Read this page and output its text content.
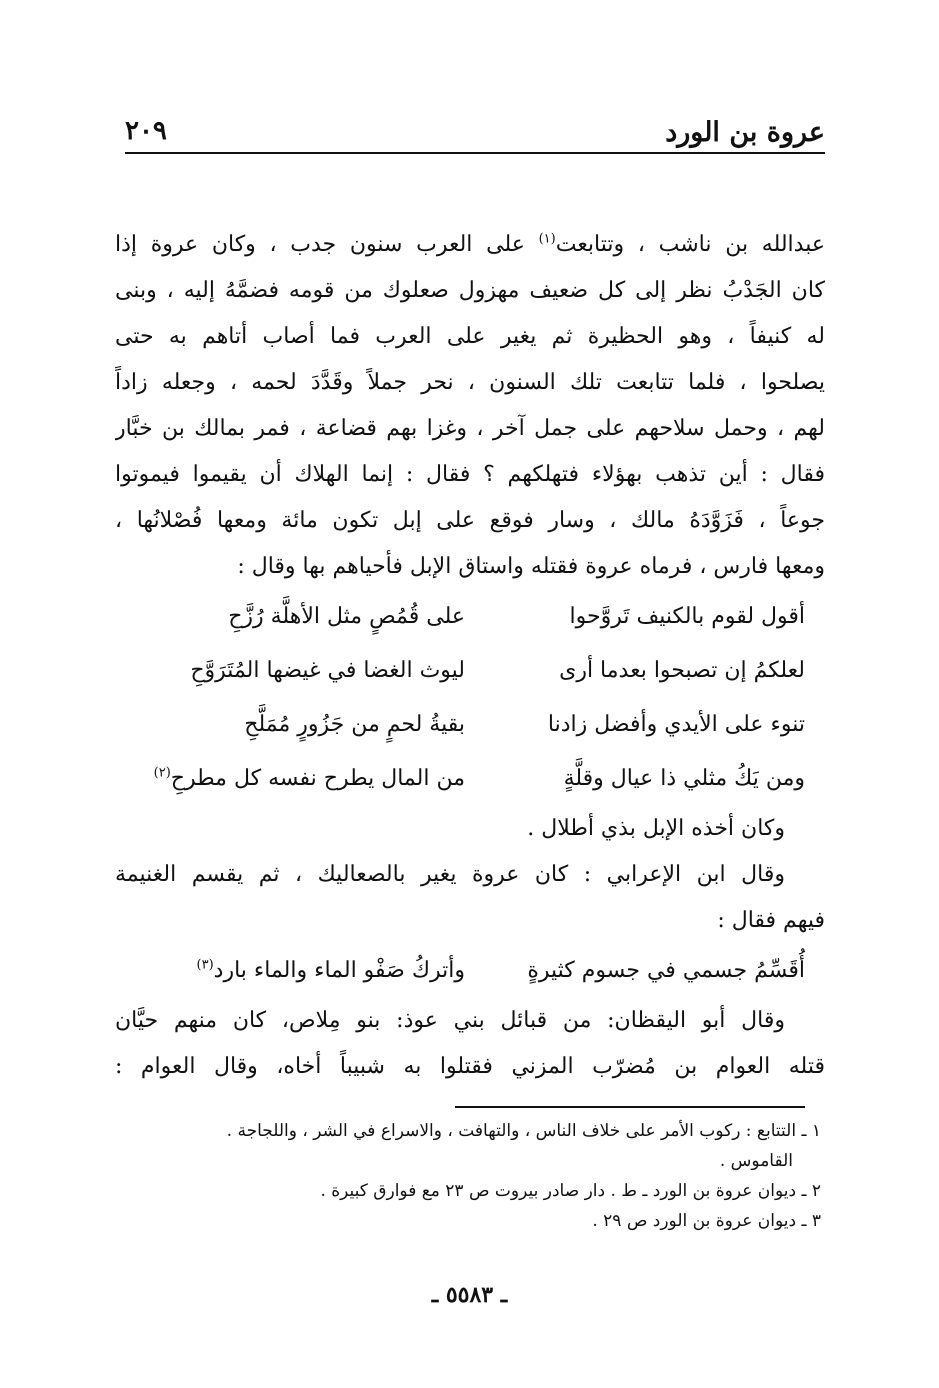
عروة بن الورد
٢٠٩
عبدالله بن ناشب ، وتتابعت$^{(١)}$ على العرب سنون جدب ، وكان عروة إذا
كان الجَدْبُ نظر إلى كل ضعيف مهزول صعلوك من قومه فضمَّهُ إليه ، وبنى
له كنيفاً ، وهو الحظيرة ثم يغير على العرب فما أصاب أتاهم به حتى
يصلحوا ، فلما تتابعت تلك السنون ، نحر جملاً وقَدَّدَ لحمه ، وجعله زاداً
لهم ، وحمل سلاحهم على جمل آخر ، وغزا بهم قضاعة ، فمر بمالك بن خبَّار
فقال : أين تذهب بهؤلاء فتهلكهم ؟ فقال : إنما الهلاك أن يقيموا فيموتوا
جوعاً ، فَزَوَّدَهُ مالك ، وسار فوقع على إبل تكون مائة ومعها فُصْلانُها ،
ومعها فارس ، فرماه عروة فقتله واستاق الإبل فأحياهم بها وقال :
أقول لقوم بالكنيف تَروَّحوا
على قُمُصٍ مثل الأهلَّة رُزَّحِ
لعلكمُ إن تصبحوا بعدما أرى
ليوث الغضا في غيضها المُتَرَوَّحِ
تنوء على الأيدي وأفضل زادنا
بقيةُ لحمٍ من جَزُورٍ مُمَلَّحِ
ومن يَكُ مثلي ذا عيال وقلَّةٍ
من المال يطرح نفسه كل مطرحِ$^{(٢)}$
وكان أخذه الإبل بذي أطلال .
وقال ابن الإعرابي : كان عروة يغير بالصعاليك ، ثم يقسم الغنيمة
فيهم فقال :
أُقَسِّمُ جسمي في جسوم كثيرةٍ
وأتركُ صَفْو الماء والماء بارد$^{(٣)}$
وقال أبو اليقظان: من قبائل بني عوذ: بنو مِلاص، كان منهم حيَّان
قتله العوام بن مُضرّب المزني فقتلوا به شبيباً أخاه، وقال العوام :
١ ـ التتابع : ركوب الأمر على خلاف الناس ، والتهافت ، والاسراع في الشر ، واللجاجة .
القاموس .
٢ ـ ديوان عروة بن الورد ـ ط . دار صادر بيروت ص ٢٣ مع فوارق كبيرة .
٣ ـ ديوان عروة بن الورد ص ٢٩ .
ـ ٥٥٨٣ ـ
